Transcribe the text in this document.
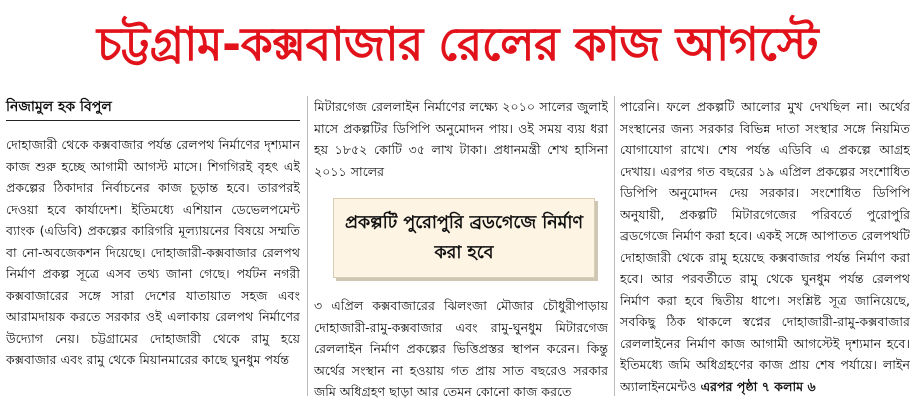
চট্টগ্রাম-কক্সবাজার রেলের কাজ আগস্টে
নিজামুল হক বিপুল

দোহাজারী থেকে কক্সবাজার পর্যন্ত রেলপথ নির্মাণের দৃশ্যমান কাজ শুরু হচ্ছে আগামী আগস্ট মাসে। শিগগিরই বৃহৎ এই প্রকল্পের ঠিকাদার নির্বাচনের কাজ চূড়ান্ত হবে। তারপরই দেওয়া হবে কার্যাদেশ। ইতিমধ্যে এশিয়ান ডেভেলপমেন্ট ব্যাংক (এডিবি) প্রকল্পের কারিগরি মূল্যায়নের বিষয়ে সম্মতি বা নো-অবজেকশন দিয়েছে। দোহাজারী-কক্সবাজার রেলপথ নির্মাণ প্রকল্প সূত্রে এসব তথ্য জানা গেছে। পর্যটন নগরী কক্সবাজারের সঙ্গে সারা দেশের যাতায়াত সহজ এবং আরামদায়ক করতে সরকার ওই এলাকায় রেলপথ নির্মাণের উদ্যোগ নেয়। চট্টগ্রামের দোহাজারী থেকে রামু হয়ে কক্সবাজার এবং রামু থেকে মিয়ানমারের কাছে ঘুনধুম পর্যন্ত

মিটারগেজ রেললাইন নির্মাণের লক্ষ্যে ২০১০ সালের জুলাই মাসে প্রকল্পটির ডিপিপি অনুমোদন পায়। ওই সময় ব্যয় ধরা হয় ১৮৫২ কোটি ৩৫ লাখ টাকা। প্রধানমন্ত্রী শেখ হাসিনা ২০১১ সালের

প্রকল্পটি পুরোপুরি ব্রডগেজে নির্মাণ করা হবে

৩ এপ্রিল কক্সবাজারের ঝিলংজা মৌজার চৌধুরীপাড়ায় দোহাজারী-রামু-কক্সবাজার এবং রামু-ঘুনধুম মিটারগেজ রেললাইন নির্মাণ প্রকল্পের ভিত্তিপ্রস্তর স্থাপন করেন। কিন্তু অর্থের সংস্থান না হওয়ায় গত প্রায় সাত বছরেও সরকার জমি অধিগ্রহণ ছাড়া আর তেমন কোনো কাজ করতে

পারেনি। ফলে প্রকল্পটি আলোর মুখ দেখছিল না। অর্থের সংস্থানের জন্য সরকার বিভিন্ন দাতা সংস্থার সঙ্গে নিয়মিত যোগাযোগ রাখে। শেষ পর্যন্ত এডিবি এ প্রকল্পে আগ্রহ দেখায়। এরপর গত বছরের ১৯ এপ্রিল প্রকল্পের সংশোধিত ডিপিপি অনুমোদন দেয় সরকার। সংশোধিত ডিপিপি অনুযায়ী, প্রকল্পটি মিটারগেজের পরিবর্তে পুরোপুরি ব্রডগেজে নির্মাণ করা হবে। একই সঙ্গে আপাতত রেলপথটি দোহাজারী থেকে রামু হয়েছে কক্সবাজার পর্যন্ত নির্মাণ করা হবে। আর পরবর্তীতে রামু থেকে ঘুনধুম পর্যন্ত রেলপথ নির্মাণ করা হবে দ্বিতীয় ধাপে। সংশ্লিষ্ট সূত্র জানিয়েছে, সবকিছু ঠিক থাকলে স্বপ্নের দোহাজারী-রামু-কক্সবাজার রেললাইনের নির্মাণ কাজ আগামী আগস্টেই দৃশ্যমান হবে। ইতিমধ্যে জমি অধিগ্রহণের কাজ প্রায় শেষ পর্যায়ে। লাইন অ্যালাইনমেন্টও এরপর পৃষ্ঠা ৭ কলাম ৬
